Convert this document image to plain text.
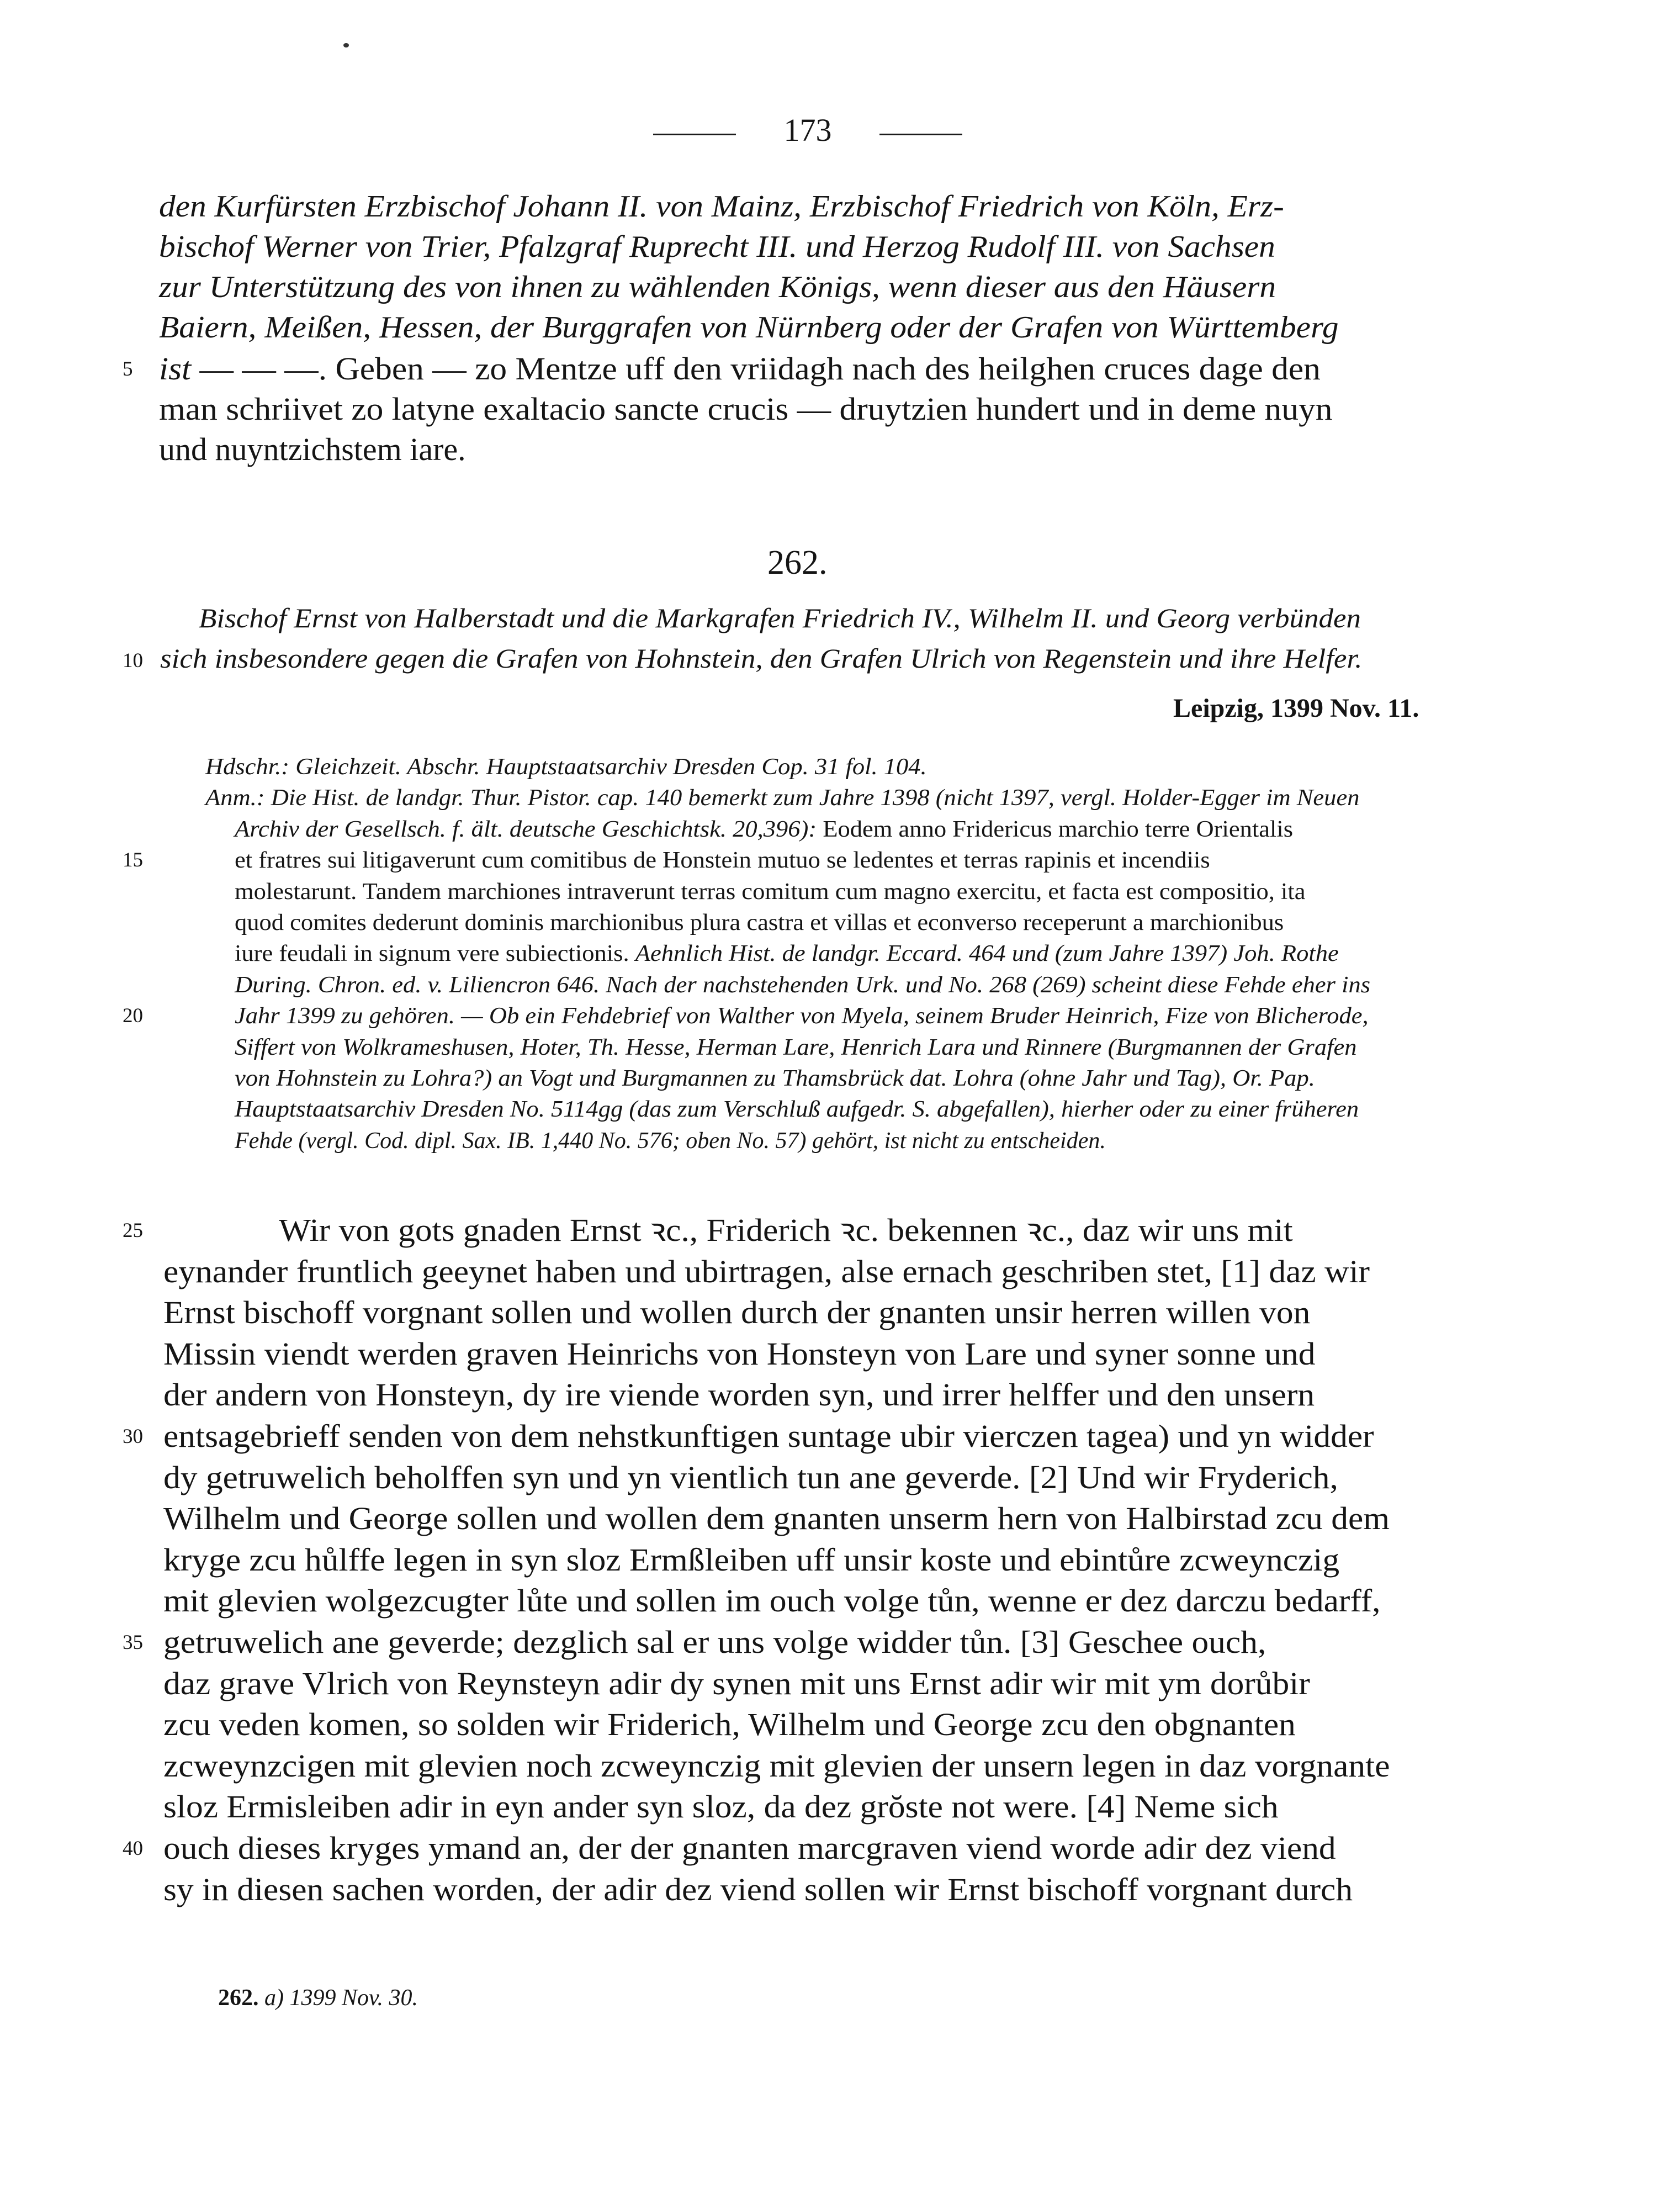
173
den Kurfürsten Erzbischof Johann II. von Mainz, Erzbischof Friedrich von Köln, Erz-
bischof Werner von Trier, Pfalzgraf Ruprecht III. und Herzog Rudolf III. von Sachsen
zur Unterstützung des von ihnen zu wählenden Königs, wenn dieser aus den Häusern
Baiern, Meißen, Hessen, der Burggrafen von Nürnberg oder der Grafen von Württemberg
ist — — —. Geben — zo Mentze uff den vriidagh nach des heilghen cruces dage den
5
man schriivet zo latyne exaltacio sancte crucis — druytzien hundert und in deme nuyn
und nuyntzichstem iare.
262.
Bischof Ernst von Halberstadt und die Markgrafen Friedrich IV., Wilhelm II. und Georg verbünden
sich insbesondere gegen die Grafen von Hohnstein, den Grafen Ulrich von Regenstein und ihre Helfer.
10
Leipzig, 1399 Nov. 11.
Hdschr.: Gleichzeit. Abschr. Hauptstaatsarchiv Dresden Cop. 31 fol. 104.
Anm.: Die Hist. de landgr. Thur. Pistor. cap. 140 bemerkt zum Jahre 1398 (nicht 1397, vergl. Holder-Egger im Neuen
Archiv der Gesellsch. f. ält. deutsche Geschichtsk. 20,396): Eodem anno Fridericus marchio terre Orientalis
et fratres sui litigaverunt cum comitibus de Honstein mutuo se ledentes et terras rapinis et incendiis
15
molestarunt. Tandem marchiones intraverunt terras comitum cum magno exercitu, et facta est compositio, ita
quod comites dederunt dominis marchionibus plura castra et villas et econverso receperunt a marchionibus
iure feudali in signum vere subiectionis. Aehnlich Hist. de landgr. Eccard. 464 und (zum Jahre 1397) Joh. Rothe
During. Chron. ed. v. Liliencron 646. Nach der nachstehenden Urk. und No. 268 (269) scheint diese Fehde eher ins
Jahr 1399 zu gehören. — Ob ein Fehdebrief von Walther von Myela, seinem Bruder Heinrich, Fize von Blicherode,
20
Siffert von Wolkrameshusen, Hoter, Th. Hesse, Herman Lare, Henrich Lara und Rinnere (Burgmannen der Grafen
von Hohnstein zu Lohra?) an Vogt und Burgmannen zu Thamsbrück dat. Lohra (ohne Jahr und Tag), Or. Pap.
Hauptstaatsarchiv Dresden No. 5114gg (das zum Verschluß aufgedr. S. abgefallen), hierher oder zu einer früheren
Fehde (vergl. Cod. dipl. Sax. IB. 1,440 No. 576; oben No. 57) gehört, ist nicht zu entscheiden.
Wir von gots gnaden Ernst ꝛc., Friderich ꝛc. bekennen ꝛc., daz wir uns mit
25
eynander fruntlich geeynet haben und ubirtragen, alse ernach geschriben stet, [1] daz wir
Ernst bischoff vorgnant sollen und wollen durch der gnanten unsir herren willen von
Missin viendt werden graven Heinrichs von Honsteyn von Lare und syner sonne und
der andern von Honsteyn, dy ire viende worden syn, und irrer helffer und den unsern
entsagebrieff senden von dem nehstkunftigen suntage ubir vierczen tagea) und yn widder
30
dy getruwelich beholffen syn und yn vientlich tun ane geverde. [2] Und wir Fryderich,
Wilhelm und George sollen und wollen dem gnanten unserm hern von Halbirstad zcu dem
kryge zcu hůlffe legen in syn sloz Ermßleiben uff unsir koste und ebintůre zcweynczig
mit glevien wolgezcugter lůte und sollen im ouch volge tůn, wenne er dez darczu bedarff,
getruwelich ane geverde; dezglich sal er uns volge widder tůn. [3] Geschee ouch,
35
daz grave Vlrich von Reynsteyn adir dy synen mit uns Ernst adir wir mit ym dorůbir
zcu veden komen, so solden wir Friderich, Wilhelm und George zcu den obgnanten
zcweynzcigen mit glevien noch zcweynczig mit glevien der unsern legen in daz vorgnante
sloz Ermisleiben adir in eyn ander syn sloz, da dez grŏste not were. [4] Neme sich
ouch dieses kryges ymand an, der der gnanten marcgraven viend worde adir dez viend
40
sy in diesen sachen worden, der adir dez viend sollen wir Ernst bischoff vorgnant durch
262. a) 1399 Nov. 30.
